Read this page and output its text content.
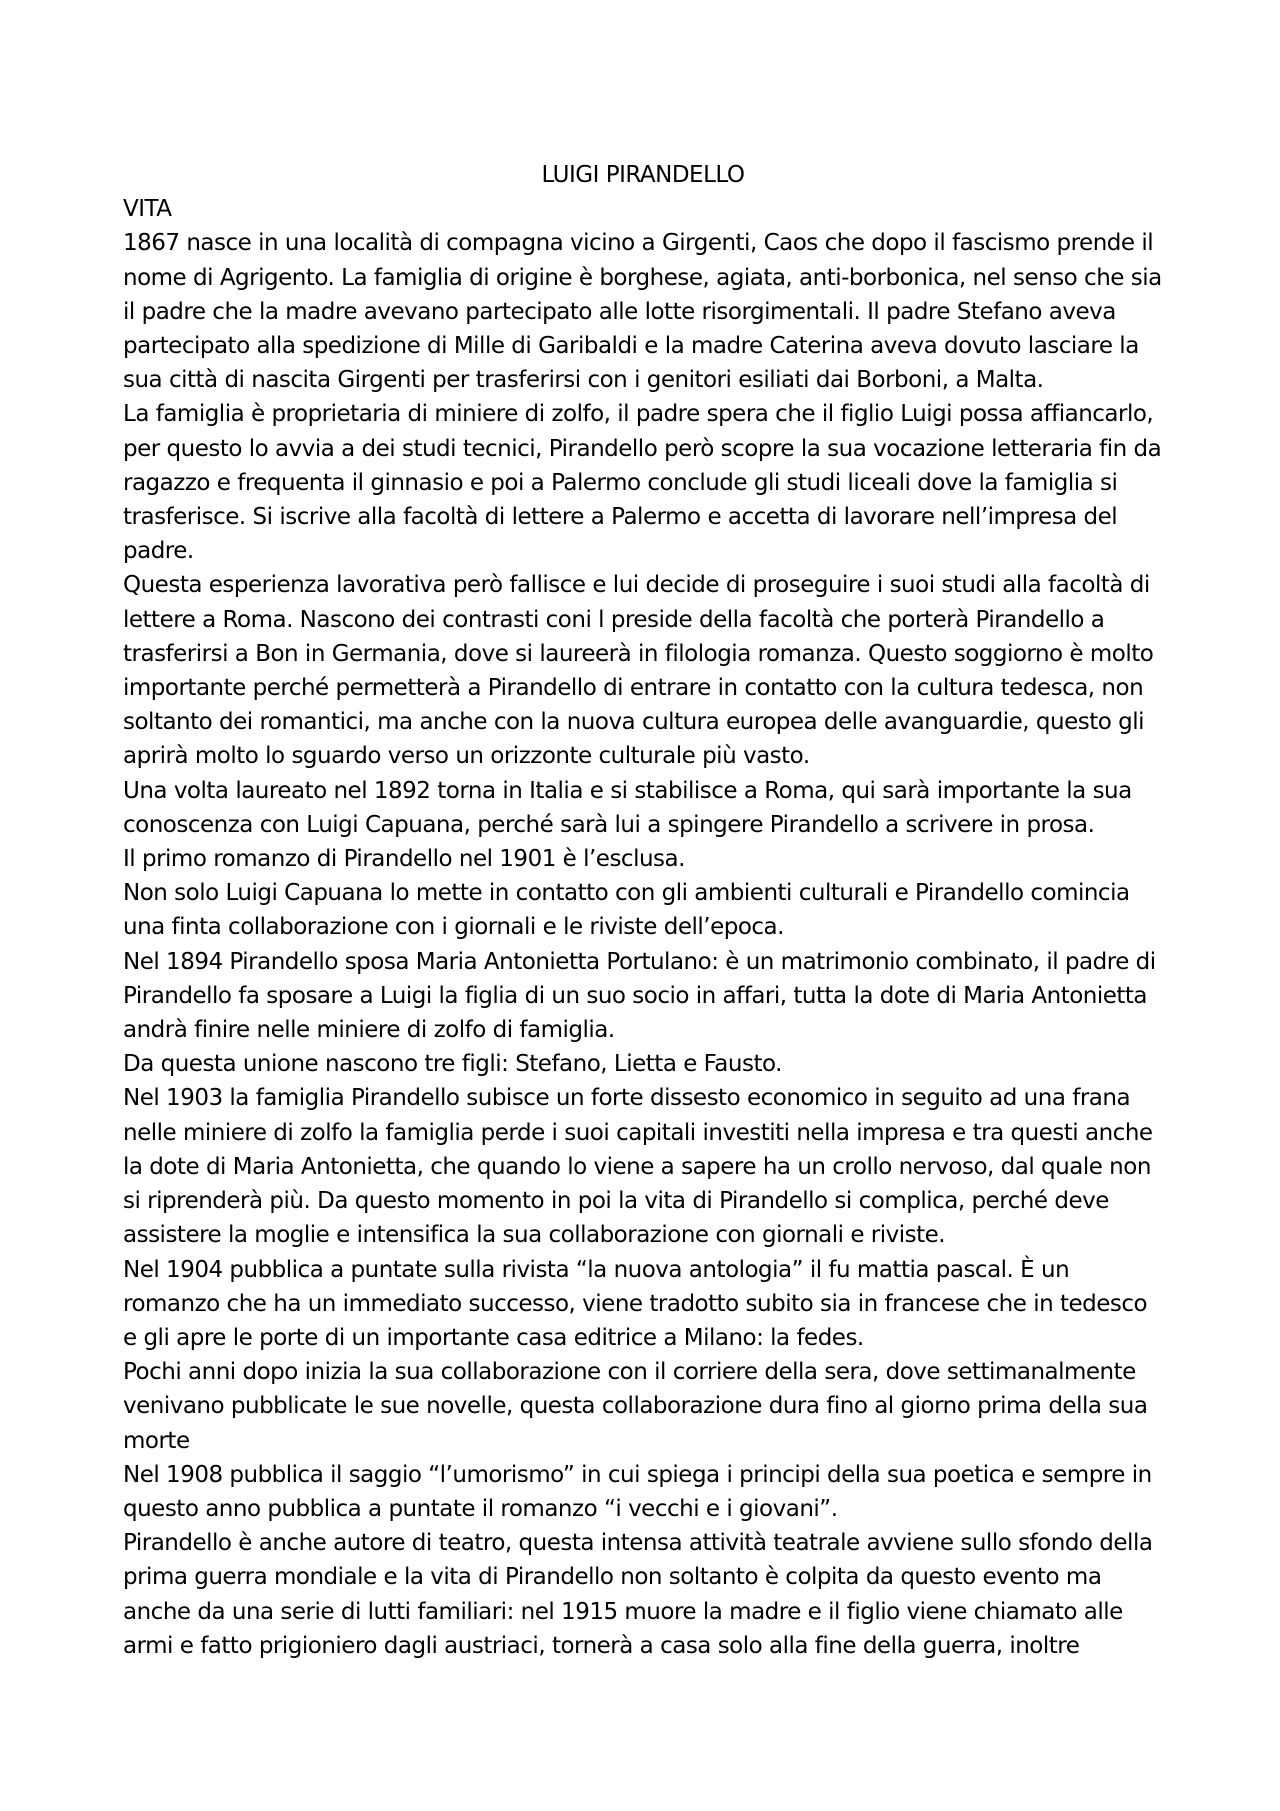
LUIGI PIRANDELLO

VITA

1867 nasce in una località di compagna vicino a Girgenti, Caos che dopo il fascismo prende il nome di Agrigento. La famiglia di origine è borghese, agiata, anti-borbonica, nel senso che sia il padre che la madre avevano partecipato alle lotte risorgimentali. Il padre Stefano aveva partecipato alla spedizione di Mille di Garibaldi e la madre Caterina aveva dovuto lasciare la sua città di nascita Girgenti per trasferirsi con i genitori esiliati dai Borboni, a Malta.

La famiglia è proprietaria di miniere di zolfo, il padre spera che il figlio Luigi possa affiancarlo, per questo lo avvia a dei studi tecnici, Pirandello però scopre la sua vocazione letteraria fin da ragazzo e frequenta il ginnasio e poi a Palermo conclude gli studi liceali dove la famiglia si trasferisce. Si iscrive alla facoltà di lettere a Palermo e accetta di lavorare nell’impresa del padre.

Questa esperienza lavorativa però fallisce e lui decide di proseguire i suoi studi alla facoltà di lettere a Roma. Nascono dei contrasti coni l preside della facoltà che porterà Pirandello a trasferirsi a Bon in Germania, dove si laureerà in filologia romanza. Questo soggiorno è molto importante perché permetterà a Pirandello di entrare in contatto con la cultura tedesca, non soltanto dei romantici, ma anche con la nuova cultura europea delle avanguardie, questo gli aprirà molto lo sguardo verso un orizzonte culturale più vasto.

Una volta laureato nel 1892 torna in Italia e si stabilisce a Roma, qui sarà importante la sua conoscenza con Luigi Capuana, perché sarà lui a spingere Pirandello a scrivere in prosa.

Il primo romanzo di Pirandello nel 1901 è l’esclusa.

Non solo Luigi Capuana lo mette in contatto con gli ambienti culturali e Pirandello comincia una finta collaborazione con i giornali e le riviste dell’epoca.

Nel 1894 Pirandello sposa Maria Antonietta Portulano: è un matrimonio combinato, il padre di Pirandello fa sposare a Luigi la figlia di un suo socio in affari, tutta la dote di Maria Antonietta andrà finire nelle miniere di zolfo di famiglia.

Da questa unione nascono tre figli: Stefano, Lietta e Fausto.

Nel 1903 la famiglia Pirandello subisce un forte dissesto economico in seguito ad una frana nelle miniere di zolfo la famiglia perde i suoi capitali investiti nella impresa e tra questi anche la dote di Maria Antonietta, che quando lo viene a sapere ha un crollo nervoso, dal quale non si riprenderà più. Da questo momento in poi la vita di Pirandello si complica, perché deve assistere la moglie e intensifica la sua collaborazione con giornali e riviste.

Nel 1904 pubblica a puntate sulla rivista “la nuova antologia” il fu mattia pascal. È un romanzo che ha un immediato successo, viene tradotto subito sia in francese che in tedesco e gli apre le porte di un importante casa editrice a Milano: la fedes.

Pochi anni dopo inizia la sua collaborazione con il corriere della sera, dove settimanalmente venivano pubblicate le sue novelle, questa collaborazione dura fino al giorno prima della sua morte

Nel 1908 pubblica il saggio “l’umorismo” in cui spiega i principi della sua poetica e sempre in questo anno pubblica a puntate il romanzo “i vecchi e i giovani”.

Pirandello è anche autore di teatro, questa intensa attività teatrale avviene sullo sfondo della prima guerra mondiale e la vita di Pirandello non soltanto è colpita da questo evento ma anche da una serie di lutti familiari: nel 1915 muore la madre e il figlio viene chiamato alle armi e fatto prigioniero dagli austriaci, tornerà a casa solo alla fine della guerra, inoltre
